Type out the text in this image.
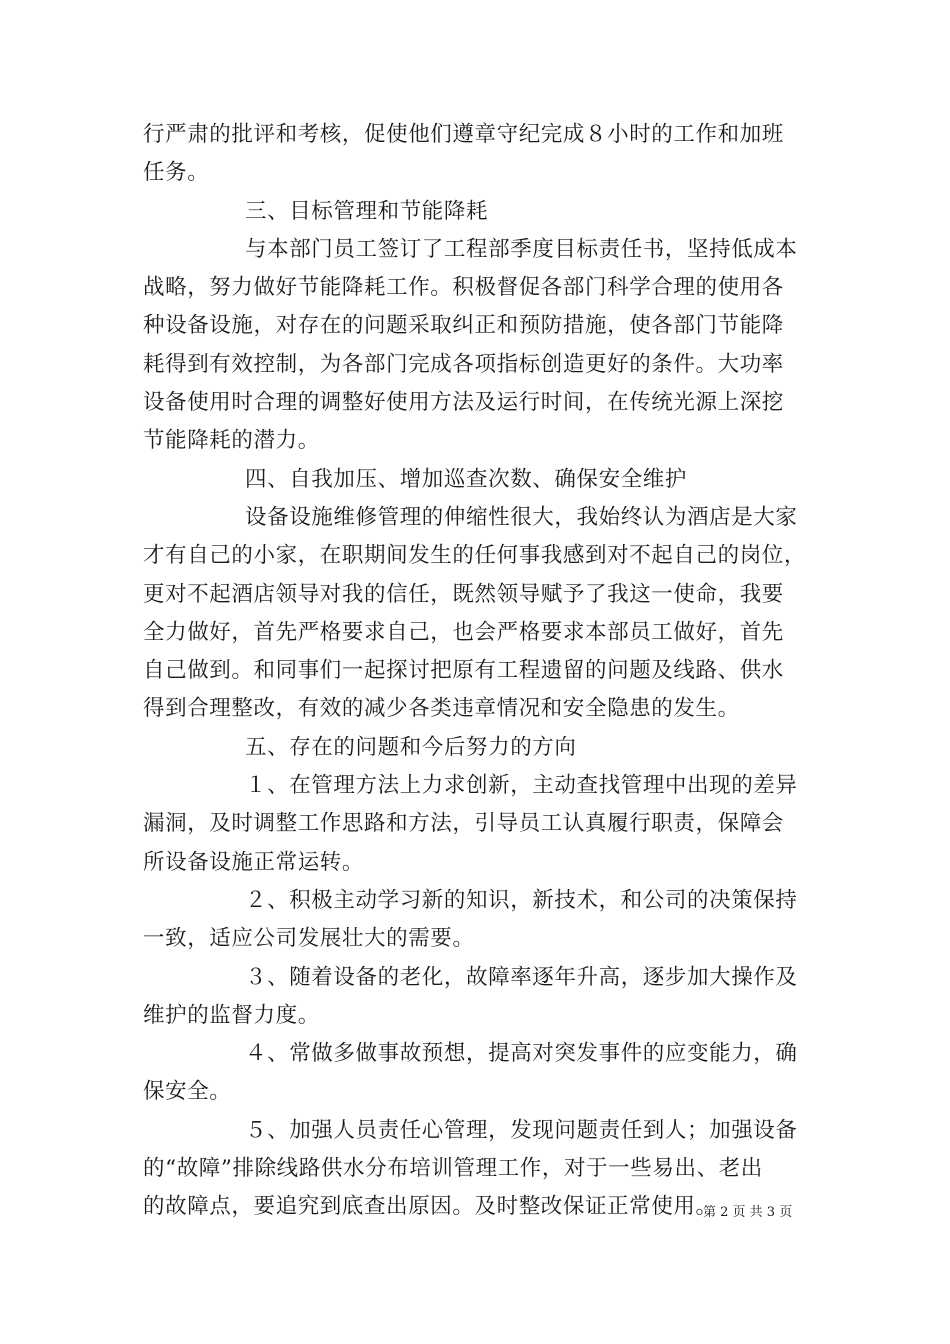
行严肃的批评和考核，促使他们遵章守纪完成８小时的工作和加班
任务。
三、目标管理和节能降耗
与本部门员工签订了工程部季度目标责任书，坚持低成本
战略，努力做好节能降耗工作。积极督促各部门科学合理的使用各
种设备设施，对存在的问题采取纠正和预防措施，使各部门节能降
耗得到有效控制，为各部门完成各项指标创造更好的条件。大功率
设备使用时合理的调整好使用方法及运行时间，在传统光源上深挖
节能降耗的潜力。
四、自我加压、增加巡查次数、确保安全维护
设备设施维修管理的伸缩性很大，我始终认为酒店是大家
才有自己的小家，在职期间发生的任何事我感到对不起自己的岗位，
更对不起酒店领导对我的信任，既然领导赋予了我这一使命，我要
全力做好，首先严格要求自己，也会严格要求本部员工做好，首先
自己做到。和同事们一起探讨把原有工程遗留的问题及线路、供水
得到合理整改，有效的减少各类违章情况和安全隐患的发生。
五、存在的问题和今后努力的方向
１、在管理方法上力求创新，主动查找管理中出现的差异
漏洞，及时调整工作思路和方法，引导员工认真履行职责，保障会
所设备设施正常运转。
２、积极主动学习新的知识，新技术，和公司的决策保持
一致，适应公司发展壮大的需要。
３、随着设备的老化，故障率逐年升高，逐步加大操作及
维护的监督力度。
４、常做多做事故预想，提高对突发事件的应变能力，确
保安全。
５、加强人员责任心管理，发现问题责任到人；加强设备
的“故障”排除线路供水分布培训管理工作，对于一些易出、老出
的故障点，要追究到底查出原因。及时整改保证正常使用。
第 2 页 共 3 页
